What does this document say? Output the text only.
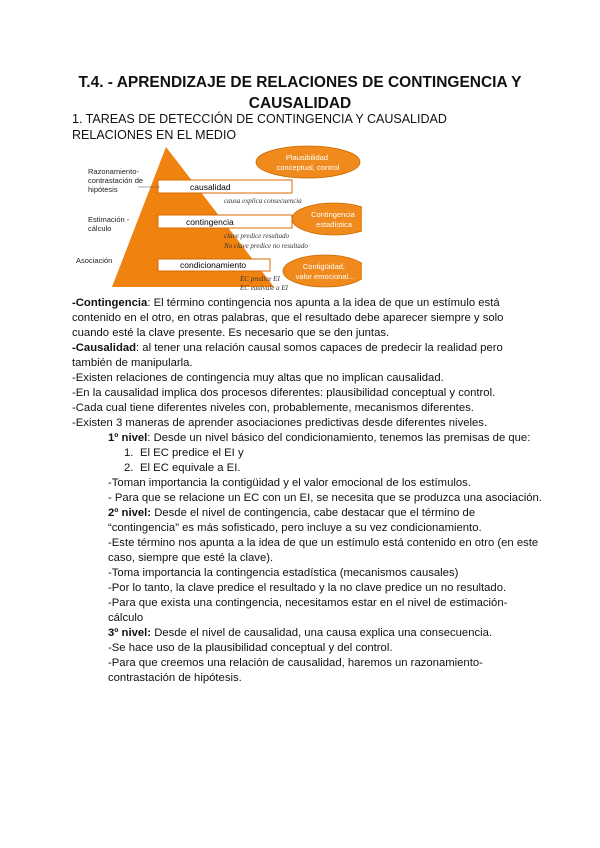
T.4. - APRENDIZAJE DE RELACIONES DE CONTINGENCIA Y
CAUSALIDAD
1. TAREAS DE DETECCIÓN DE CONTINGENCIA Y CAUSALIDAD
RELACIONES EN EL MEDIO
causalidad
contingencia
condicionamiento
Razonamiento- contrastación de hipótesis
Estimación - cálculo
Asociación
causa explica consecuencia
clave predice resultado
No clave predice no resultado
EC predice EI
EC equivale a EI
Plausibilidad conceptual, control
Contingencia estadística
Contigüidad, valor emocional...

-Contingencia: El término contingencia nos apunta a la idea de que un estímulo está contenido en el otro, en otras palabras, que el resultado debe aparecer siempre y solo cuando esté la clave presente. Es necesario que se den juntas.

-Causalidad: al tener una relación causal somos capaces de predecir la realidad pero también de manipularla.

-Existen relaciones de contingencia muy altas que no implican causalidad.

-En la causalidad implica dos procesos diferentes: plausibilidad conceptual y control.

-Cada cual tiene diferentes niveles con, probablemente, mecanismos diferentes.

-Existen 3 maneras de aprender asociaciones predictivas desde diferentes niveles.

1º nivel: Desde un nivel básico del condicionamiento, tenemos las premisas de que:

1. El EC predice el EI y

2. El EC equivale a EI.

-Toman importancia la contigüidad y el valor emocional de los estímulos.

- Para que se relacione un EC con un EI, se necesita que se produzca una asociación.

2º nivel: Desde el nivel de contingencia, cabe destacar que el término de “contingencia” es más sofisticado, pero incluye a su vez condicionamiento.

-Este término nos apunta a la idea de que un estímulo está contenido en otro (en este caso, siempre que esté la clave).

-Toma importancia la contingencia estadística (mecanismos causales)

-Por lo tanto, la clave predice el resultado y la no clave predice un no resultado.

-Para que exista una contingencia, necesitamos estar en el nivel de estimación-cálculo

3º nivel: Desde el nivel de causalidad, una causa explica una consecuencia.

-Se hace uso de la plausibilidad conceptual y del control.

-Para que creemos una relación de causalidad, haremos un razonamiento-contrastación de hipótesis.
